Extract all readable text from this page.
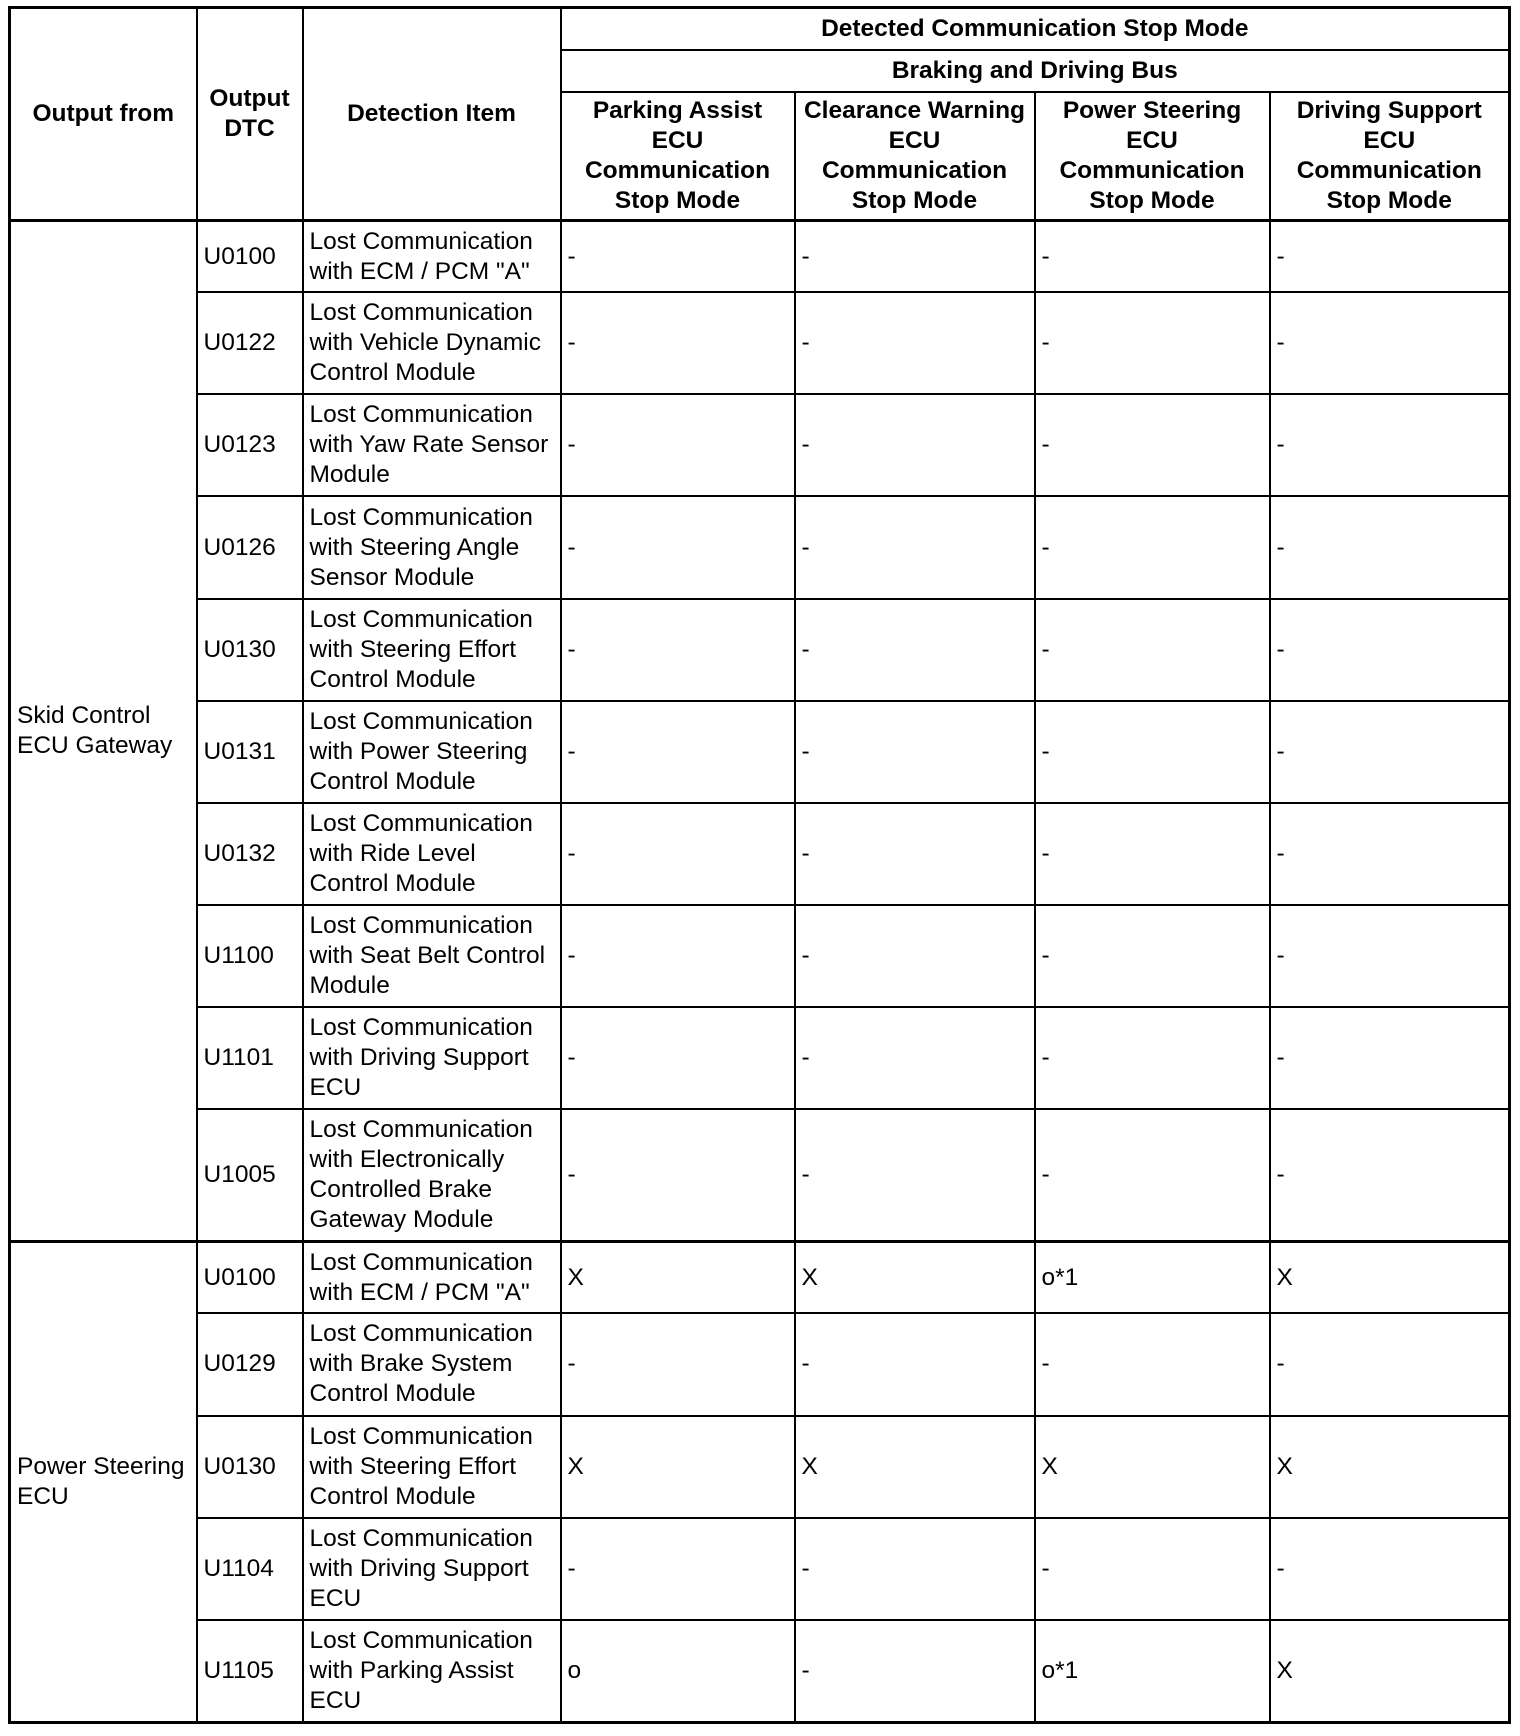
Output from	Output DTC	Detection Item	Detected Communication Stop Mode			
			Braking and Driving Bus			
			Parking Assist ECU Communication Stop Mode	Clearance Warning ECU Communication Stop Mode	Power Steering ECU Communication Stop Mode	Driving Support ECU Communication Stop Mode
Skid Control ECU Gateway	U0100	Lost Communication with ECM / PCM "A"	-	-	-	-
	U0122	Lost Communication with Vehicle Dynamic Control Module	-	-	-	-
	U0123	Lost Communication with Yaw Rate Sensor Module	-	-	-	-
	U0126	Lost Communication with Steering Angle Sensor Module	-	-	-	-
	U0130	Lost Communication with Steering Effort Control Module	-	-	-	-
	U0131	Lost Communication with Power Steering Control Module	-	-	-	-
	U0132	Lost Communication with Ride Level Control Module	-	-	-	-
	U1100	Lost Communication with Seat Belt Control Module	-	-	-	-
	U1101	Lost Communication with Driving Support ECU	-	-	-	-
	U1005	Lost Communication with Electronically Controlled Brake Gateway Module	-	-	-	-
Power Steering ECU	U0100	Lost Communication with ECM / PCM "A"	X	X	o*1	X
	U0129	Lost Communication with Brake System Control Module	-	-	-	-
	U0130	Lost Communication with Steering Effort Control Module	X	X	X	X
	U1104	Lost Communication with Driving Support ECU	-	-	-	-
	U1105	Lost Communication with Parking Assist ECU	o	-	o*1	X
